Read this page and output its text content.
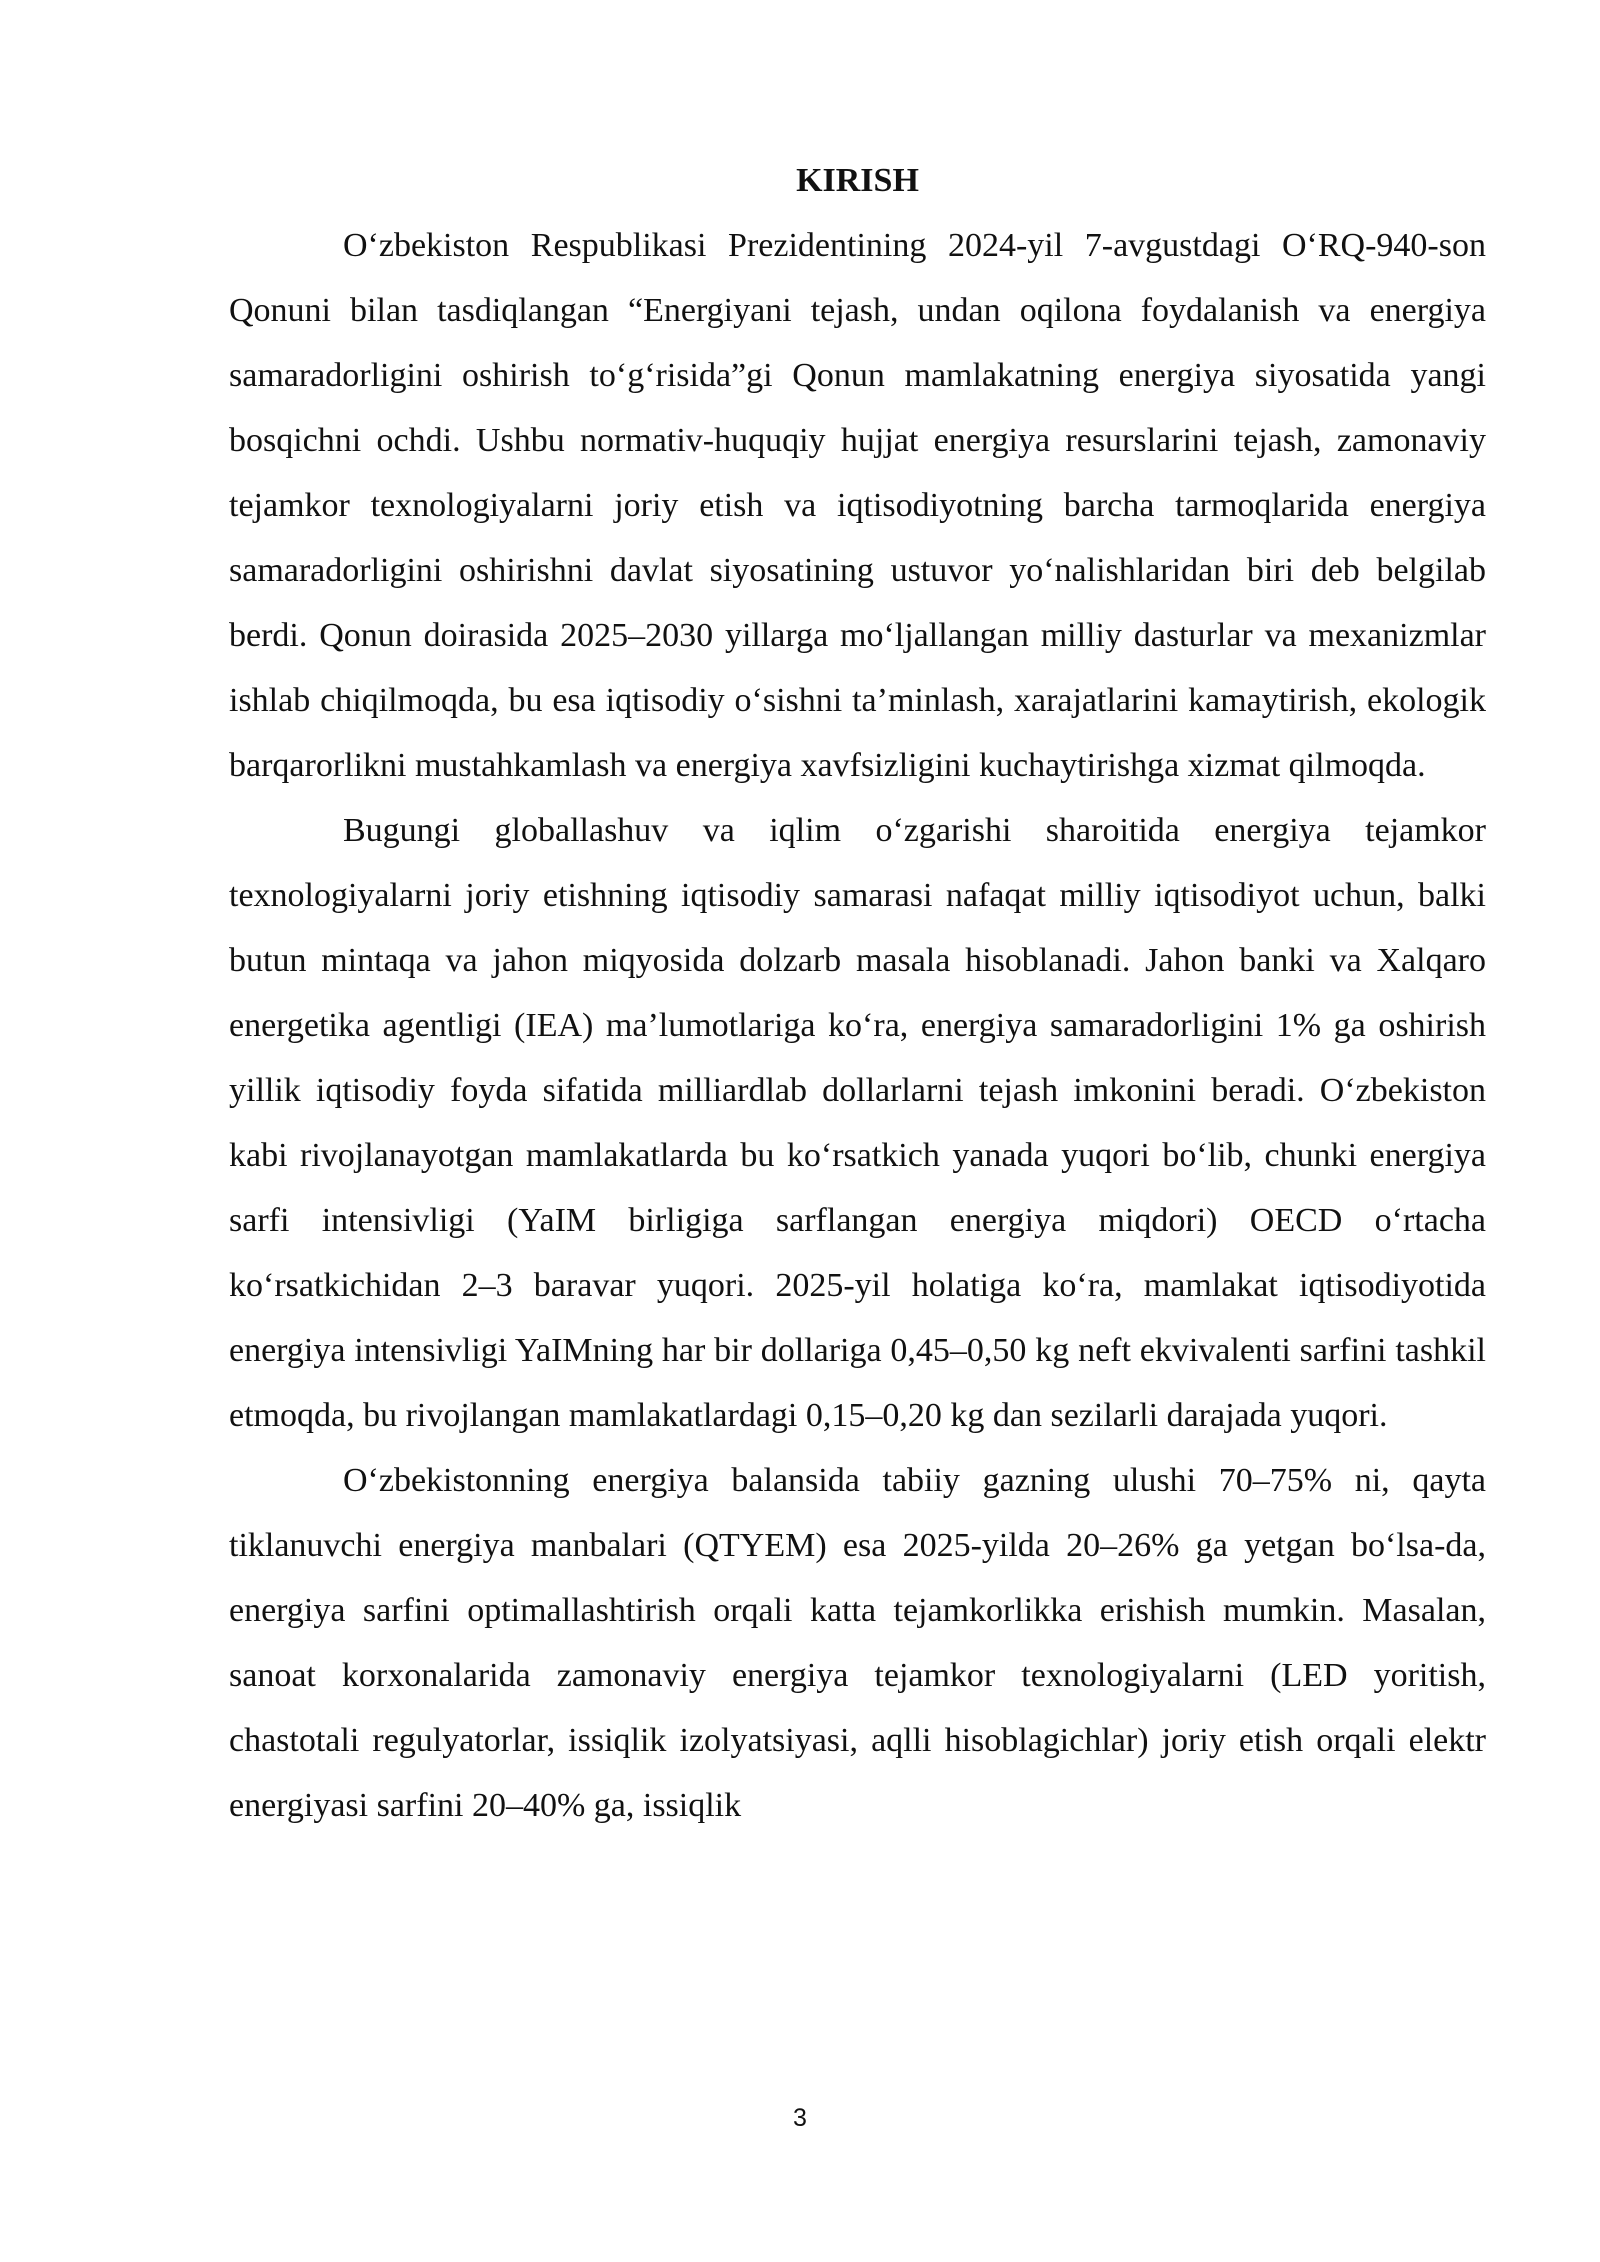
KIRISH

O‘zbekiston Respublikasi Prezidentining 2024-yil 7-avgustdagi O‘RQ-940-son Qonuni bilan tasdiqlangan “Energiyani tejash, undan oqilona foydalanish va energiya samaradorligini oshirish to‘g‘risida”gi Qonun mamlakatning energiya siyosatida yangi bosqichni ochdi. Ushbu normativ-huquqiy hujjat energiya resurslarini tejash, zamonaviy tejamkor texnologiyalarni joriy etish va iqtisodiyotning barcha tarmoqlarida energiya samaradorligini oshirishni davlat siyosatining ustuvor yo‘nalishlaridan biri deb belgilab berdi. Qonun doirasida 2025–2030 yillarga mo‘ljallangan milliy dasturlar va mexanizmlar ishlab chiqilmoqda, bu esa iqtisodiy o‘sishni ta’minlash, xarajatlarini kamaytirish, ekologik barqarorlikni mustahkamlash va energiya xavfsizligini kuchaytirishga xizmat qilmoqda.

Bugungi globallashuv va iqlim o‘zgarishi sharoitida energiya tejamkor texnologiyalarni joriy etishning iqtisodiy samarasi nafaqat milliy iqtisodiyot uchun, balki butun mintaqa va jahon miqyosida dolzarb masala hisoblanadi. Jahon banki va Xalqaro energetika agentligi (IEA) ma’lumotlariga ko‘ra, energiya samaradorligini 1% ga oshirish yillik iqtisodiy foyda sifatida milliardlab dollarlarni tejash imkonini beradi. O‘zbekiston kabi rivojlanayotgan mamlakatlarda bu ko‘rsatkich yanada yuqori bo‘lib, chunki energiya sarfi intensivligi (YaIM birligiga sarflangan energiya miqdori) OECD o‘rtacha ko‘rsatkichidan 2–3 baravar yuqori. 2025-yil holatiga ko‘ra, mamlakat iqtisodiyotida energiya intensivligi YaIMning har bir dollariga 0,45–0,50 kg neft ekvivalenti sarfini tashkil etmoqda, bu rivojlangan mamlakatlardagi 0,15–0,20 kg dan sezilarli darajada yuqori.

O‘zbekistonning energiya balansida tabiiy gazning ulushi 70–75% ni, qayta tiklanuvchi energiya manbalari (QTYEM) esa 2025-yilda 20–26% ga yetgan bo‘lsa-da, energiya sarfini optimallashtirish orqali katta tejamkorlikka erishish mumkin. Masalan, sanoat korxonalarida zamonaviy energiya tejamkor texnologiyalarni (LED yoritish, chastotali regulyatorlar, issiqlik izolyatsiyasi, aqlli hisoblagichlar) joriy etish orqali elektr energiyasi sarfini 20–40% ga, issiqlik

3
